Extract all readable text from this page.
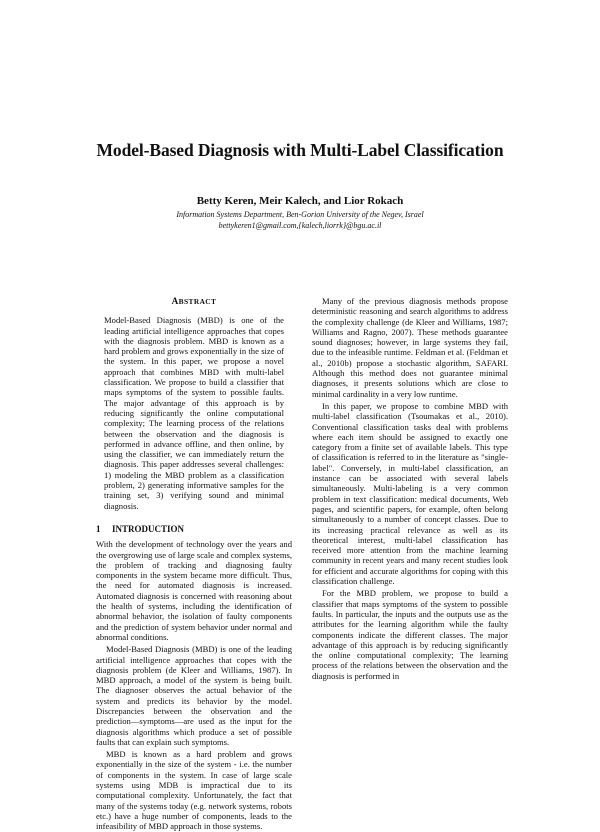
Model-Based Diagnosis with Multi-Label Classification
Betty Keren, Meir Kalech, and Lior Rokach
Information Systems Department, Ben-Gorion University of the Negev, Israel
bettykeren1@gmail.com,{kalech,liorrk}@bgu.ac.il
ABSTRACT

Model-Based Diagnosis (MBD) is one of the leading artificial intelligence approaches that copes with the diagnosis problem. MBD is known as a hard problem and grows exponentially in the size of the system. In this paper, we propose a novel approach that combines MBD with multi-label classification. We propose to build a classifier that maps symptoms of the system to possible faults. The major advantage of this approach is by reducing significantly the online computational complexity; The learning process of the relations between the observation and the diagnosis is performed in advance offline, and then online, by using the classifier, we can immediately return the diagnosis. This paper addresses several challenges: 1) modeling the MBD problem as a classification problem, 2) generating informative samples for the training set, 3) verifying sound and minimal diagnosis.

1 INTRODUCTION

With the development of technology over the years and the overgrowing use of large scale and complex systems, the problem of tracking and diagnosing faulty components in the system became more difficult. Thus, the need for automated diagnosis is increased. Automated diagnosis is concerned with reasoning about the health of systems, including the identification of abnormal behavior, the isolation of faulty components and the prediction of system behavior under normal and abnormal conditions.

Model-Based Diagnosis (MBD) is one of the leading artificial intelligence approaches that copes with the diagnosis problem (de Kleer and Williams, 1987). In MBD approach, a model of the system is being built. The diagnoser observes the actual behavior of the system and predicts its behavior by the model. Discrepancies between the observation and the prediction—symptoms—are used as the input for the diagnosis algorithms which produce a set of possible faults that can explain such symptoms.

MBD is known as a hard problem and grows exponentially in the size of the system - i.e. the number of components in the system. In case of large scale systems using MDB is impractical due to its computational complexity. Unfortunately, the fact that many of the systems today (e.g. network systems, robots etc.) have a huge number of components, leads to the infeasibility of MBD approach in those systems.

Many of the previous diagnosis methods propose deterministic reasoning and search algorithms to address the complexity challenge (de Kleer and Williams, 1987; Williams and Ragno, 2007). These methods guarantee sound diagnoses; however, in large systems they fail, due to the infeasible runtime. Feldman et al. (Feldman et al., 2010b) propose a stochastic algorithm, SAFARI. Although this method does not guarantee minimal diagnoses, it presents solutions which are close to minimal cardinality in a very low runtime.

In this paper, we propose to combine MBD with multi-label classification (Tsoumakas et al., 2010). Conventional classification tasks deal with problems where each item should be assigned to exactly one category from a finite set of available labels. This type of classification is referred to in the literature as "single-label". Conversely, in multi-label classification, an instance can be associated with several labels simultaneously. Multi-labeling is a very common problem in text classification: medical documents, Web pages, and scientific papers, for example, often belong simultaneously to a number of concept classes. Due to its increasing practical relevance as well as its theoretical interest, multi-label classification has received more attention from the machine learning community in recent years and many recent studies look for efficient and accurate algorithms for coping with this classification challenge.

For the MBD problem, we propose to build a classifier that maps symptoms of the system to possible faults. In particular, the inputs and the outputs use as the attributes for the learning algorithm while the faulty components indicate the different classes. The major advantage of this approach is by reducing significantly the online computational complexity; The learning process of the relations between the observation and the diagnosis is performed in
